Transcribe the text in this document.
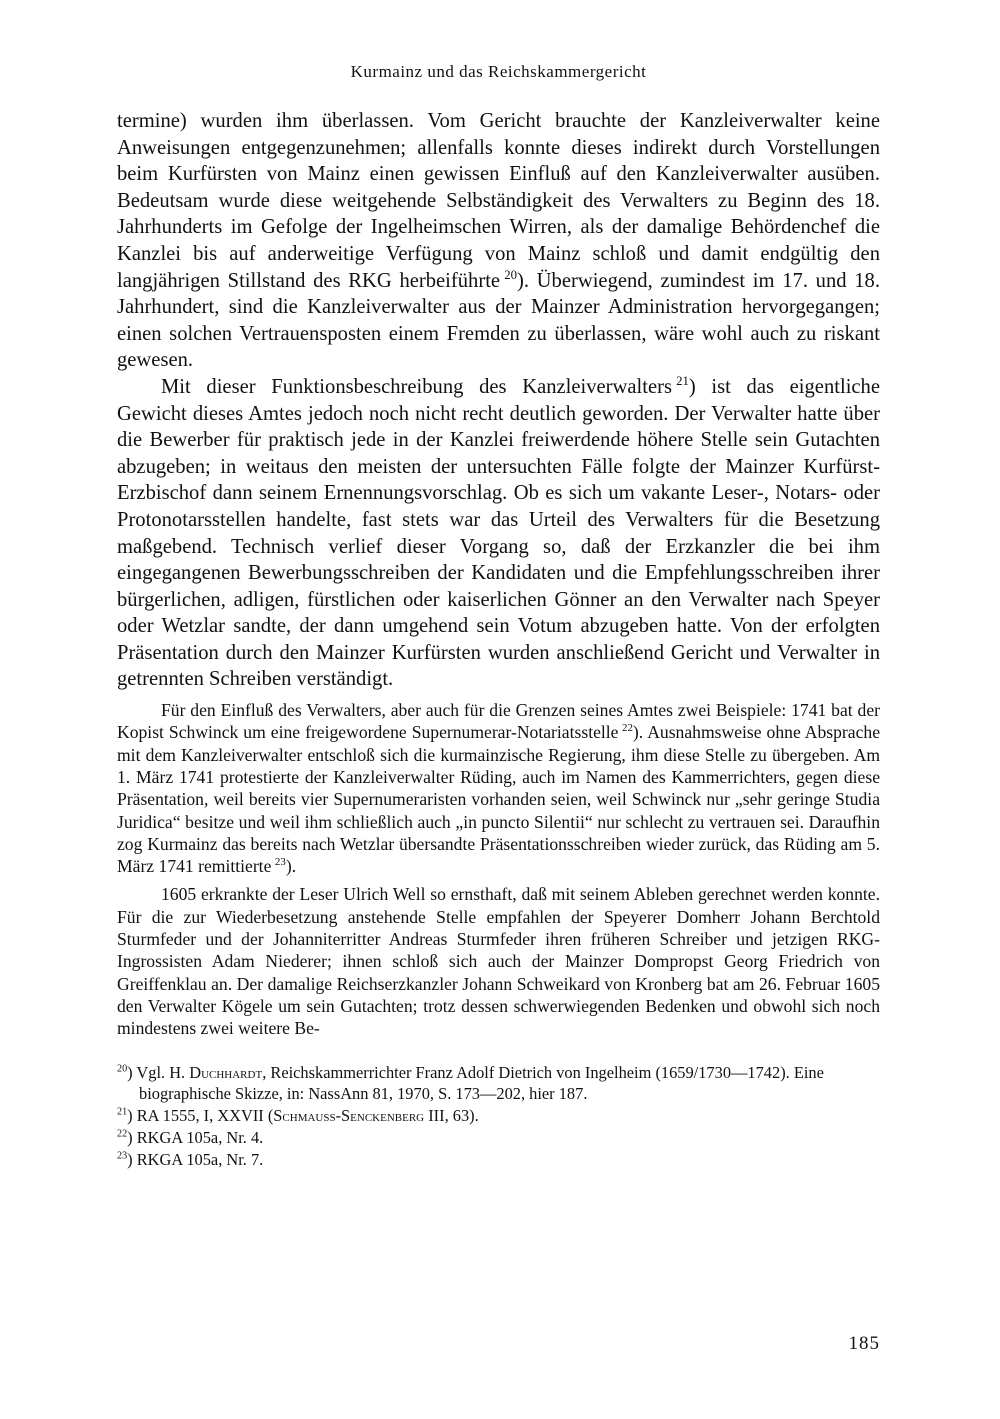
Kurmainz und das Reichskammergericht

termine) wurden ihm überlassen. Vom Gericht brauchte der Kanzleiverwalter keine Anweisungen entgegenzunehmen; allenfalls konnte dieses indirekt durch Vorstellungen beim Kurfürsten von Mainz einen gewissen Einfluß auf den Kanzleiverwalter ausüben. Bedeutsam wurde diese weitgehende Selbständigkeit des Verwalters zu Beginn des 18. Jahrhunderts im Gefolge der Ingelheimschen Wirren, als der damalige Behördenchef die Kanzlei bis auf anderweitige Verfügung von Mainz schloß und damit endgültig den langjährigen Stillstand des RKG herbeiführte  $^{20}$). Überwiegend, zumindest im 17. und 18. Jahrhundert, sind die Kanzleiverwalter aus der Mainzer Administration hervorgegangen; einen solchen Vertrauensposten einem Fremden zu überlassen, wäre wohl auch zu riskant gewesen.

Mit dieser Funktionsbeschreibung des Kanzleiverwalters  $^{21}$) ist das eigentliche Gewicht dieses Amtes jedoch noch nicht recht deutlich geworden. Der Verwalter hatte über die Bewerber für praktisch jede in der Kanzlei freiwerdende höhere Stelle sein Gutachten abzugeben; in weitaus den meisten der untersuchten Fälle folgte der Mainzer Kurfürst-Erzbischof dann seinem Ernennungsvorschlag. Ob es sich um vakante Leser-, Notars- oder Protonotarsstellen handelte, fast stets war das Urteil des Verwalters für die Besetzung maßgebend. Technisch verlief dieser Vorgang so, daß der Erzkanzler die bei ihm eingegangenen Bewerbungsschreiben der Kandidaten und die Empfehlungsschreiben ihrer bürgerlichen, adligen, fürstlichen oder kaiserlichen Gönner an den Verwalter nach Speyer oder Wetzlar sandte, der dann umgehend sein Votum abzugeben hatte. Von der erfolgten Präsentation durch den Mainzer Kurfürsten wurden anschließend Gericht und Verwalter in getrennten Schreiben verständigt.

Für den Einfluß des Verwalters, aber auch für die Grenzen seines Amtes zwei Beispiele: 1741 bat der Kopist Schwinck um eine freigewordene Supernumerar-Notariatsstelle  $^{22}$). Ausnahmsweise ohne Absprache mit dem Kanzleiverwalter entschloß sich die kurmainzische Regierung, ihm diese Stelle zu übergeben. Am 1. März 1741 protestierte der Kanzleiverwalter Rüding, auch im Namen des Kammerrichters, gegen diese Präsentation, weil bereits vier Supernumeraristen vorhanden seien, weil Schwinck nur „sehr geringe Studia Juridica“ besitze und weil ihm schließlich auch „in puncto Silentii“ nur schlecht zu vertrauen sei. Daraufhin zog Kurmainz das bereits nach Wetzlar übersandte Präsentationsschreiben wieder zurück, das Rüding am 5. März 1741 remittierte  $^{23}$).

1605 erkrankte der Leser Ulrich Well so ernsthaft, daß mit seinem Ableben gerechnet werden konnte. Für die zur Wiederbesetzung anstehende Stelle empfahlen der Speyerer Domherr Johann Berchtold Sturmfeder und der Johanniterritter Andreas Sturmfeder ihren früheren Schreiber und jetzigen RKG-Ingrossisten Adam Niederer; ihnen schloß sich auch der Mainzer Dompropst Georg Friedrich von Greiffenklau an. Der damalige Reichserzkanzler Johann Schweikard von Kronberg bat am 26. Februar 1605 den Verwalter Kögele um sein Gutachten; trotz dessen schwerwiegenden Bedenken und obwohl sich noch mindestens zwei weitere Be-

$^{20}$) Vgl. H. Duchhardt, Reichskammerrichter Franz Adolf Dietrich von Ingelheim (1659/1730—1742). Eine biographische Skizze, in: NassAnn 81, 1970, S. 173—202, hier 187.

$^{21}$) RA 1555, I, XXVII (Schmauss-Senckenberg III, 63).

$^{22}$) RKGA 105a, Nr. 4.

$^{23}$) RKGA 105a, Nr. 7.

185
